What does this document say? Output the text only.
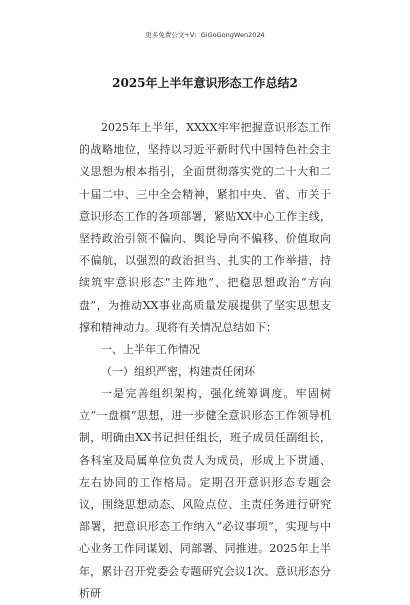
更多免费公文+V：GiGoGongWen2024
2025年上半年意识形态工作总结2

2025年上半年，XXXX牢牢把握意识形态工作的战略地位，坚持以习近平新时代中国特色社会主义思想为根本指引，全面贯彻落实党的二十大和二十届二中、三中全会精神，紧扣中央、省、市关于意识形态工作的各项部署，紧贴XX中心工作主线，坚持政治引领不偏向、舆论导向不偏移、价值取向不偏航，以强烈的政治担当、扎实的工作举措，持续筑牢意识形态“主阵地”、把稳思想政治“方向盘”，为推动XX事业高质量发展提供了坚实思想支撑和精神动力。现将有关情况总结如下：

一、上半年工作情况

（一）组织严密，构建责任闭环

一是完善组织架构，强化统筹调度。牢固树立“一盘棋”思想，进一步健全意识形态工作领导机制，明确由XX书记担任组长，班子成员任副组长，各科室及局属单位负责人为成员，形成上下贯通、左右协同的工作格局。定期召开意识形态专题会议，围绕思想动态、风险点位、主责任务进行研究部署，把意识形态工作纳入“必议事项”，实现与中心业务工作同谋划、同部署、同推进。2025年上半年，累计召开党委会专题研究会议1次、意识形态分析研
